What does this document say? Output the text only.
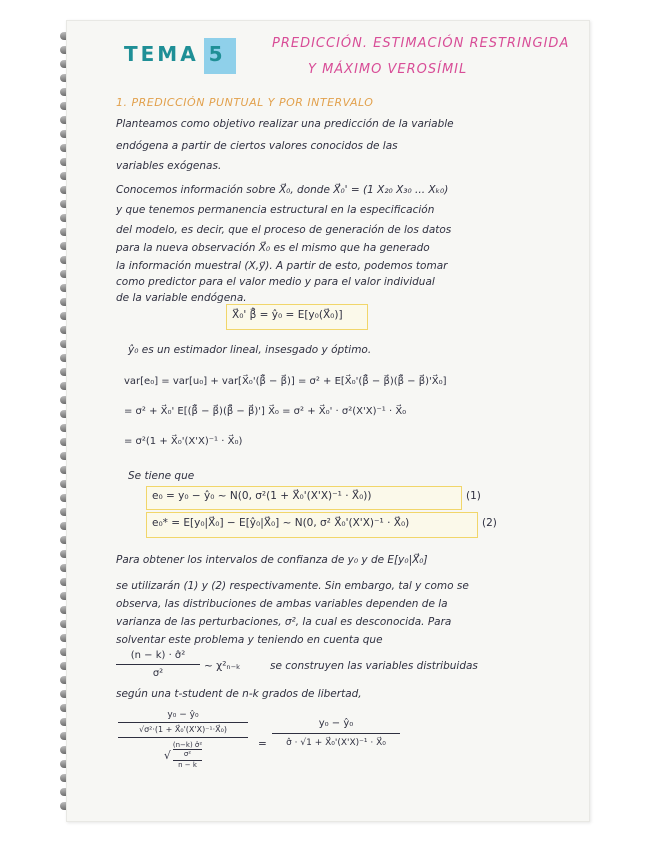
TEMA 5	PREDICCIÓN. ESTIMACIÓN RESTRINGIDA
Y MÁXIMO VEROSÍMIL
1. PREDICCIÓN PUNTUAL Y POR INTERVALO
Planteamos como objetivo realizar una predicción de la variable
endógena a partir de ciertos valores conocidos de las
variables exógenas.
Conocemos información sobre X⃗₀, donde X⃗₀' = (1 X₂₀ X₃₀ ... Xₖ₀)
y que tenemos permanencia estructural en la especificación
del modelo, es decir, que el proceso de generación de los datos
para la nueva observación X⃗₀ es el mismo que ha generado
la información muestral (X,y⃗). A partir de esto, podemos tomar
como predictor para el valor medio y para el valor individual
de la variable endógena.
X⃗₀' β̂⃗ = ŷ₀ = E[y₀(X⃗₀)]
ŷ₀ es un estimador lineal, insesgado y óptimo.
var[e₀] = var[u₀] + var[X⃗₀'(β̂⃗ − β⃗)] = σ² + E[X⃗₀'(β̂⃗ − β⃗)(β̂⃗ − β⃗)'X⃗₀]
= σ² + X⃗₀' E[(β̂⃗ − β⃗)(β̂⃗ − β⃗)'] X⃗₀ = σ² + X⃗₀' · σ²(X'X)⁻¹ · X⃗₀
= σ²(1 + X⃗₀'(X'X)⁻¹ · X⃗₀)
Se tiene que
e₀ = y₀ − ŷ₀ ~ N(0, σ²(1 + X⃗₀'(X'X)⁻¹ · X⃗₀))	(1)
e₀* = E[y₀|X⃗₀] − E[ŷ₀|X⃗₀] ~ N(0, σ² X⃗₀'(X'X)⁻¹ · X⃗₀)	(2)
Para obtener los intervalos de confianza de y₀ y de E[y₀|X⃗₀]
se utilizarán (1) y (2) respectivamente. Sin embargo, tal y como se
observa, las distribuciones de ambas variables dependen de la
varianza de las perturbaciones, σ², la cual es desconocida. Para
solventar este problema y teniendo en cuenta que
(n − k) · σ̂²
σ²
~ χ²ₙ₋ₖ	se construyen las variables distribuidas
según una t-student de n-k grados de libertad,
y₀ − ŷ₀
√σ²·(1 + X⃗₀'(X'X)⁻¹·X⃗₀)
√ $\frac{\text{(n−k) σ̂²}}{\text{σ²}}$
n − k
=
y₀ − ŷ₀
σ̂ · √1 + X⃗₀'(X'X)⁻¹ · X⃗₀
